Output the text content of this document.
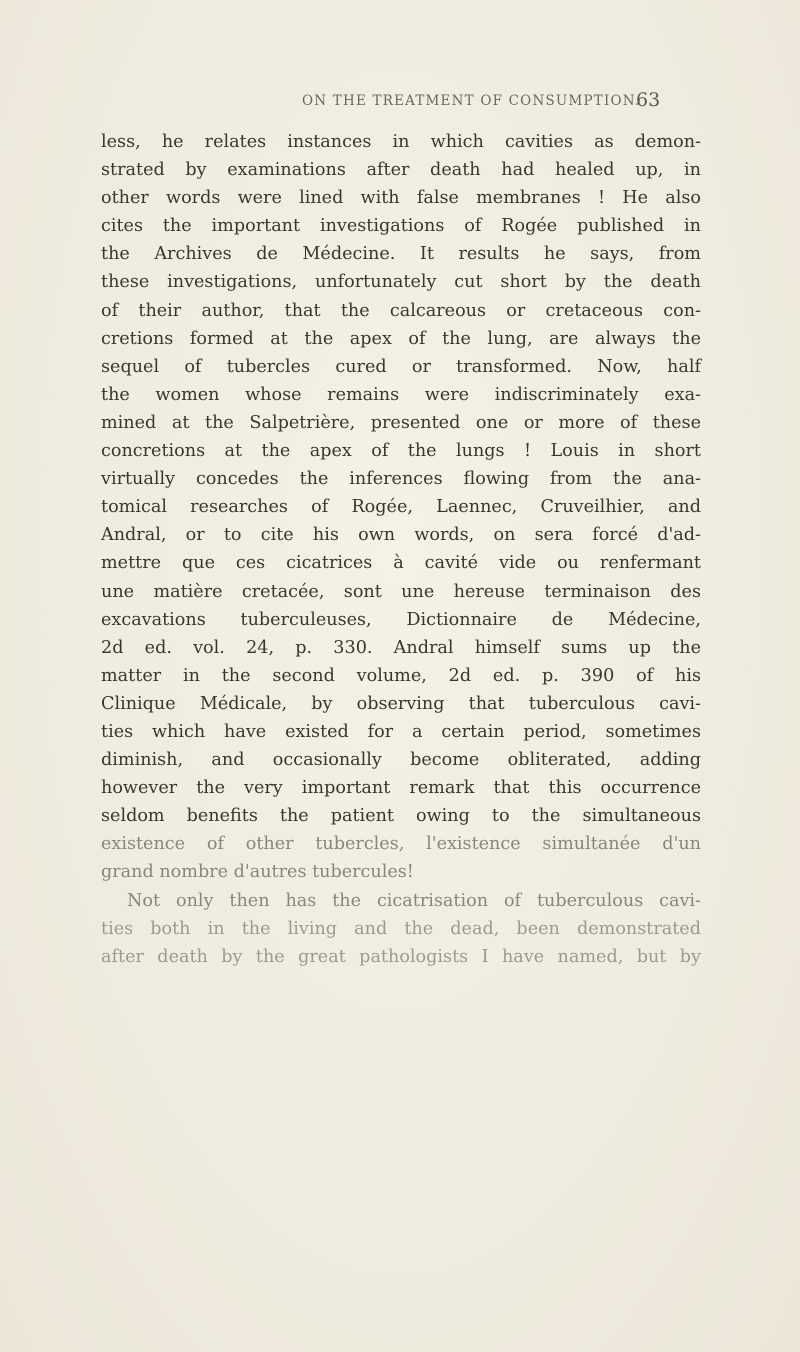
ON THE TREATMENT OF CONSUMPTION.
63
less, he relates instances in which cavities as demon-
strated by examinations after death had healed up, in
other words were lined with false membranes ! He also
cites the important investigations of Rogée published in
the Archives de Médecine. It results he says, from
these investigations, unfortunately cut short by the death
of their author, that the calcareous or cretaceous con-
cretions formed at the apex of the lung, are always the
sequel of tubercles cured or transformed. Now, half
the women whose remains were indiscriminately exa-
mined at the Salpetrière, presented one or more of these
concretions at the apex of the lungs ! Louis in short
virtually concedes the inferences flowing from the ana-
tomical researches of Rogée, Laennec, Cruveilhier, and
Andral, or to cite his own words, on sera forcé d'ad-
mettre que ces cicatrices à cavité vide ou renfermant
une matière cretacée, sont une hereuse terminaison des
excavations tuberculeuses, Dictionnaire de Médecine,
2d ed. vol. 24, p. 330. Andral himself sums up the
matter in the second volume, 2d ed. p. 390 of his
Clinique Médicale, by observing that tuberculous cavi-
ties which have existed for a certain period, sometimes
diminish, and occasionally become obliterated, adding
however the very important remark that this occurrence
seldom benefits the patient owing to the simultaneous
existence of other tubercles, l'existence simultanée d'un
grand nombre d'autres tubercules!
Not only then has the cicatrisation of tuberculous cavi-
ties both in the living and the dead, been demonstrated
after death by the great pathologists I have named, but by
